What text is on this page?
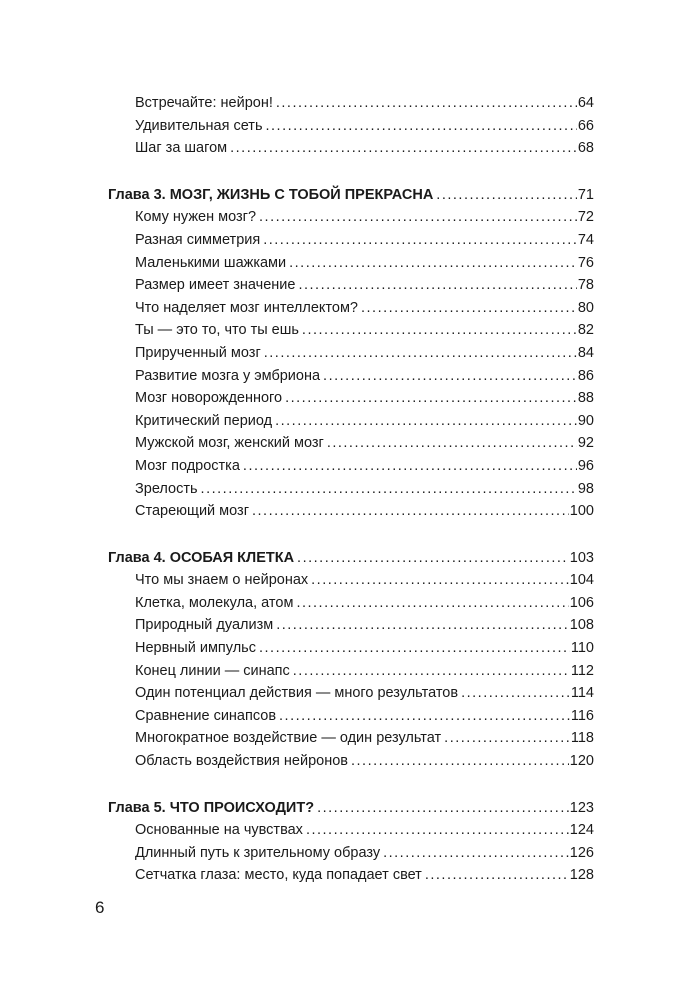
Встречайте: нейрон! .....	64
Удивительная сеть .....	66
Шаг за шагом .....	68
Глава 3. МОЗГ, ЖИЗНЬ С ТОБОЙ ПРЕКРАСНА .....	71
Кому нужен мозг? .....	72
Разная симметрия .....	74
Маленькими шажками .....	76
Размер имеет значение .....	78
Что наделяет мозг интеллектом? .....	80
Ты — это то, что ты ешь .....	82
Прирученный мозг .....	84
Развитие мозга у эмбриона .....	86
Мозг новорожденного .....	88
Критический период .....	90
Мужской мозг, женский мозг .....	92
Мозг подростка .....	96
Зрелость .....	98
Стареющий мозг .....	100
Глава 4. ОСОБАЯ КЛЕТКА .....	103
Что мы знаем о нейронах .....	104
Клетка, молекула, атом .....	106
Природный дуализм .....	108
Нервный импульс .....	110
Конец линии — синапс .....	112
Один потенциал действия — много результатов .....	114
Сравнение синапсов .....	116
Многократное воздействие — один результат .....	118
Область воздействия нейронов .....	120
Глава 5. ЧТО ПРОИСХОДИТ? .....	123
Основанные на чувствах .....	124
Длинный путь к зрительному образу .....	126
Сетчатка глаза: место, куда попадает свет .....	128
6
